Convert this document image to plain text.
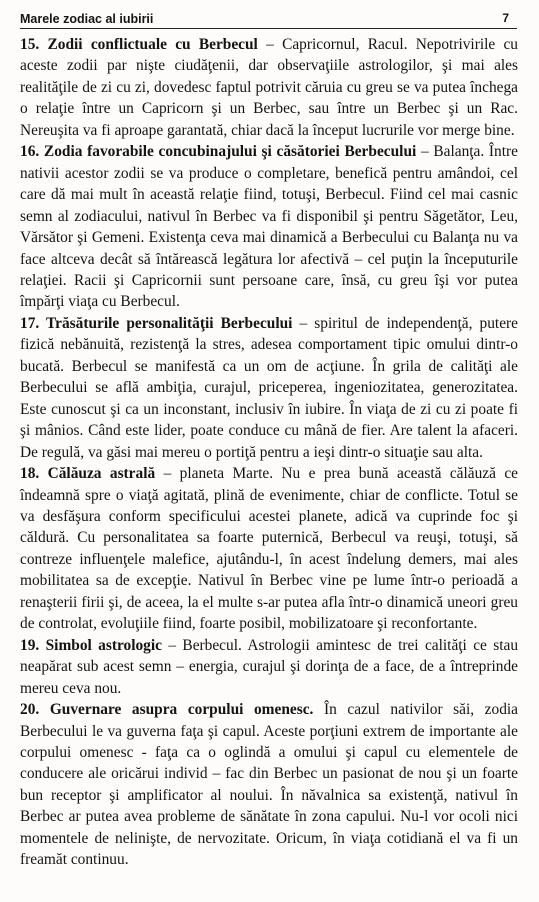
Marele zodiac al iubirii	7

15. Zodii conflictuale cu Berbecul – Capricornul, Racul. Nepotrivirile cu aceste zodii par nişte ciudăţenii, dar observaţiile astrologilor, şi mai ales realităţile de zi cu zi, dovedesc faptul potrivit căruia cu greu se va putea închega o relaţie între un Capricorn şi un Berbec, sau între un Berbec şi un Rac. Nereuşita va fi aproape garantată, chiar dacă la început lucrurile vor merge bine.

16. Zodia favorabile concubinajului şi căsătoriei Berbecului – Balanţa. Între nativii acestor zodii se va produce o completare, benefică pentru amândoi, cel care dă mai mult în această relaţie fiind, totuşi, Berbecul. Fiind cel mai casnic semn al zodiacului, nativul în Berbec va fi disponibil şi pentru Săgetător, Leu, Vărsător şi Gemeni. Existenţa ceva mai dinamică a Berbecului cu Balanţa nu va face altceva decât să întărească legătura lor afectivă – cel puţin la începuturile relaţiei. Racii şi Capricornii sunt persoane care, însă, cu greu îşi vor putea împărţi viaţa cu Berbecul.

17. Trăsăturile personalităţii Berbecului – spiritul de independenţă, putere fizică nebănuită, rezistenţă la stres, adesea comportament tipic omului dintr-o bucată. Berbecul se manifestă ca un om de acţiune. În grila de calităţi ale Berbecului se află ambiţia, curajul, priceperea, ingeniozitatea, generozitatea. Este cunoscut şi ca un inconstant, inclusiv în iubire. În viaţa de zi cu zi poate fi şi mânios. Când este lider, poate conduce cu mână de fier. Are talent la afaceri. De regulă, va găsi mai mereu o portiţă pentru a ieşi dintr-o situaţie sau alta.

18. Călăuza astrală – planeta Marte. Nu e prea bună această călăuză ce îndeamnă spre o viaţă agitată, plină de evenimente, chiar de conflicte. Totul se va desfăşura conform specificului acestei planete, adică va cuprinde foc şi căldură. Cu personalitatea sa foarte puternică, Berbecul va reuşi, totuşi, să contreze influenţele malefice, ajutându-l, în acest îndelung demers, mai ales mobilitatea sa de excepţie. Nativul în Berbec vine pe lume într-o perioadă a renaşterii firii şi, de aceea, la el multe s-ar putea afla într-o dinamică uneori greu de controlat, evoluţiile fiind, foarte posibil, mobilizatoare şi reconfortante.

19. Simbol astrologic – Berbecul. Astrologii amintesc de trei calităţi ce stau neapărat sub acest semn – energia, curajul şi dorinţa de a face, de a întreprinde mereu ceva nou.

20. Guvernare asupra corpului omenesc. În cazul nativilor săi, zodia Berbecului le va guverna faţa şi capul. Aceste porţiuni extrem de importante ale corpului omenesc - faţa ca o oglindă a omului şi capul cu elementele de conducere ale oricărui individ – fac din Berbec un pasionat de nou şi un foarte bun receptor şi amplificator al noului. În năvalnica sa existenţă, nativul în Berbec ar putea avea probleme de sănătate în zona capului. Nu-l vor ocoli nici momentele de nelinişte, de nervozitate. Oricum, în viaţa cotidiană el va fi un freamăt continuu.
